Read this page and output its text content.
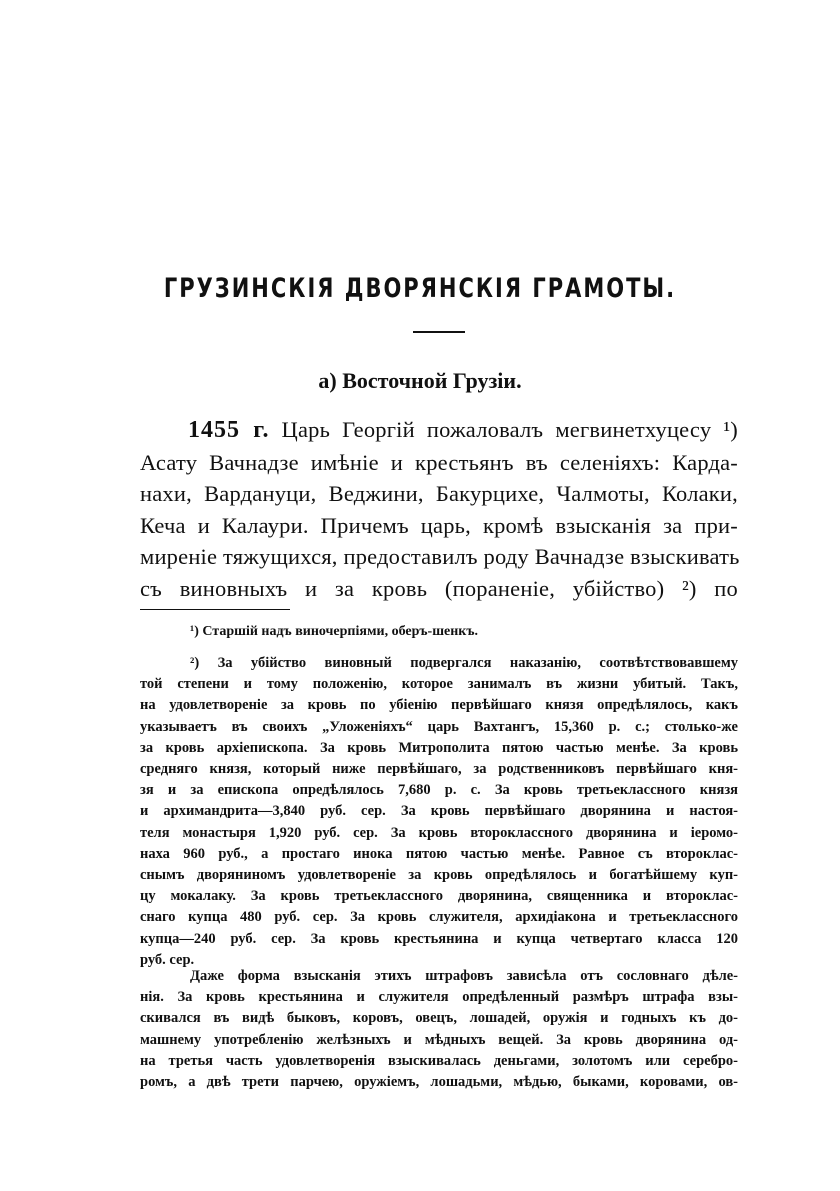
ГРУЗИНСКІЯ ДВОРЯНСКІЯ ГРАМОТЫ.
а) Восточной Грузіи.
1455 г. Царь Георгій пожаловалъ мегвинетхуцесу ¹)
Асату Вачнадзе имѣніе и крестьянъ въ селеніяхъ: Карда-
нахи, Вардануци, Веджини, Бакурцихе, Чалмоты, Колаки,
Кеча и Калаури. Причемъ царь, кромѣ взысканія за при-
миреніе тяжущихся, предоставилъ роду Вачнадзе взыскивать
съ виновныхъ и за кровь (пораненіе, убійство) ²) по
¹) Старшій надъ виночерпіями, оберъ-шенкъ.
²) За убійство виновный подвергался наказанію, соотвѣтствовавшему
той степени и тому положенію, которое занималъ въ жизни убитый. Такъ,
на удовлетвореніе за кровь по убіенію первѣйшаго князя опредѣлялось, какъ
указываетъ въ своихъ „Уложеніяхъ“ царь Вахтангъ, 15,360 р. с.; столько-же
за кровь архіепископа. За кровь Митрополита пятою частью менѣе. За кровь
средняго князя, который ниже первѣйшаго, за родственниковъ первѣйшаго кня-
зя и за епископа опредѣлялось 7,680 р. с. За кровь третьеклассного князя
и архимандрита—3,840 руб. сер. За кровь первѣйшаго дворянина и настоя-
теля монастыря 1,920 руб. сер. За кровь второклассного дворянина и іеромо-
наха 960 руб., а простаго инока пятою частью менѣе. Равное съ второклас-
снымъ дворяниномъ удовлетвореніе за кровь опредѣлялось и богатѣйшему куп-
цу мокалаку. За кровь третьеклассного дворянина, священника и второклас-
снаго купца 480 руб. сер. За кровь служителя, архидіакона и третьеклассного
купца—240 руб. сер. За кровь крестьянина и купца четвертаго класса 120
руб. сер.
Даже форма взысканія этихъ штрафовъ зависѣла отъ сословнаго дѣле-
нія. За кровь крестьянина и служителя опредѣленный размѣръ штрафа взы-
скивался въ видѣ быковъ, коровъ, овецъ, лошадей, оружія и годныхъ къ до-
машнему употребленію желѣзныхъ и мѣдныхъ вещей. За кровь дворянина од-
на третья часть удовлетворенія взыскивалась деньгами, золотомъ или серебро-
ромъ, а двѣ трети парчею, оружіемъ, лошадьми, мѣдью, быками, коровами, ов-
